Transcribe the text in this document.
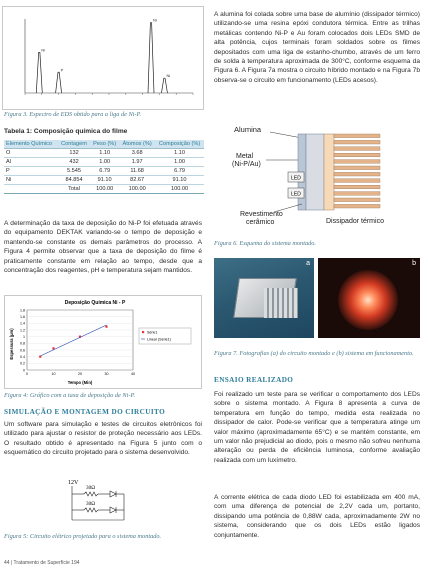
Ni
P
Ni
Ni
Figura 3. Espectro de EDS obtido para a liga de Ni-P.
Tabela 1: Composição química do filme
Elemento Químico	Contagem	Peso (%)	Átomos (%)	Composição (%)
O	132	1.10	3.68	1.10
Al	432	1.00	1.97	1.00
P	5.545	6.79	11.68	6.79
Ni	84.854	91.10	82.67	91.10
	Total	100.00	100.00	100.00
A determinação da taxa de deposição do Ni-P foi efetuada através do equipamento DEKTAK variando-se o tempo de deposição e mantendo-se constante os demais parâmetros do processo. A Figura 4 permite observar que a taxa de deposição do filme é praticamente constante em relação ao tempo, desde que a concentração dos reagentes, pH e temperatura sejam mantidos.
Deposição Química Ni - P
Tempo (Min)
Espessura (µm)
0
0.2
0.4
0.6
0.8
1
1.2
1.4
1.6
1.8
0	10	20	30	40
Série1
Linear (Série1)
Figura 4: Gráfico com a taxa de deposição de Ni-P.
SIMULAÇÃO E MONTAGEM DO CIRCUITO
Um software para simulação e testes de circuitos eletrônicos foi utilizado para ajustar o resistor de proteção necessário aos LEDs. O resultado obtido é apresentado na Figura 5 junto com o esquemático do circuito projetado para o sistema desenvolvido.
12V
30Ω
30Ω
Figura 5: Circuito elétrico projetado para o sistema montado.
44 | Tratamento de Superfície 194
A alumina foi colada sobre uma base de alumínio (dissipador térmico) utilizando-se uma resina epóxi condutora térmica. Entre as trilhas metálicas contendo Ni-P e Au foram colocados dois LEDs SMD de alta potência, cujos terminais foram soldados sobre os filmes depositados com uma liga de estanho-chumbo, através de um ferro de solda à temperatura aproximada de 300°C, conforme esquema da Figura 6. A Figura 7a mostra o circuito híbrido montado e na Figura 7b observa-se o circuito em funcionamento (LEDs acesos).
Alumina
Metal (Ni-P/Au)
LED
LED
Revestimento cerâmico	Dissipador térmico
Figura 6. Esquema do sistema montado.
a	b
Figura 7. Fotografias (a) do circuito montado e (b) sistema em funcionamento.
ENSAIO REALIZADO
Foi realizado um teste para se verificar o comportamento dos LEDs sobre o sistema montado. A Figura 8 apresenta a curva de temperatura em função do tempo, medida esta realizada no dissipador de calor. Pode-se verificar que a temperatura atinge um valor máximo (aproximadamente 65°C) e se mantém constante, em um valor não prejudicial ao diodo, pois o mesmo não sofreu nenhuma alteração ou perda de eficiência luminosa, conforme avaliação realizada com um luxímetro.
A corrente elétrica de cada diodo LED foi estabilizada em 400 mA, com uma diferença de potencial de 2,2V cada um, portanto, dissipando uma potência de 0,88W cada, aproximadamente 2W no sistema, considerando que os dois LEDs estão ligados conjuntamente.
